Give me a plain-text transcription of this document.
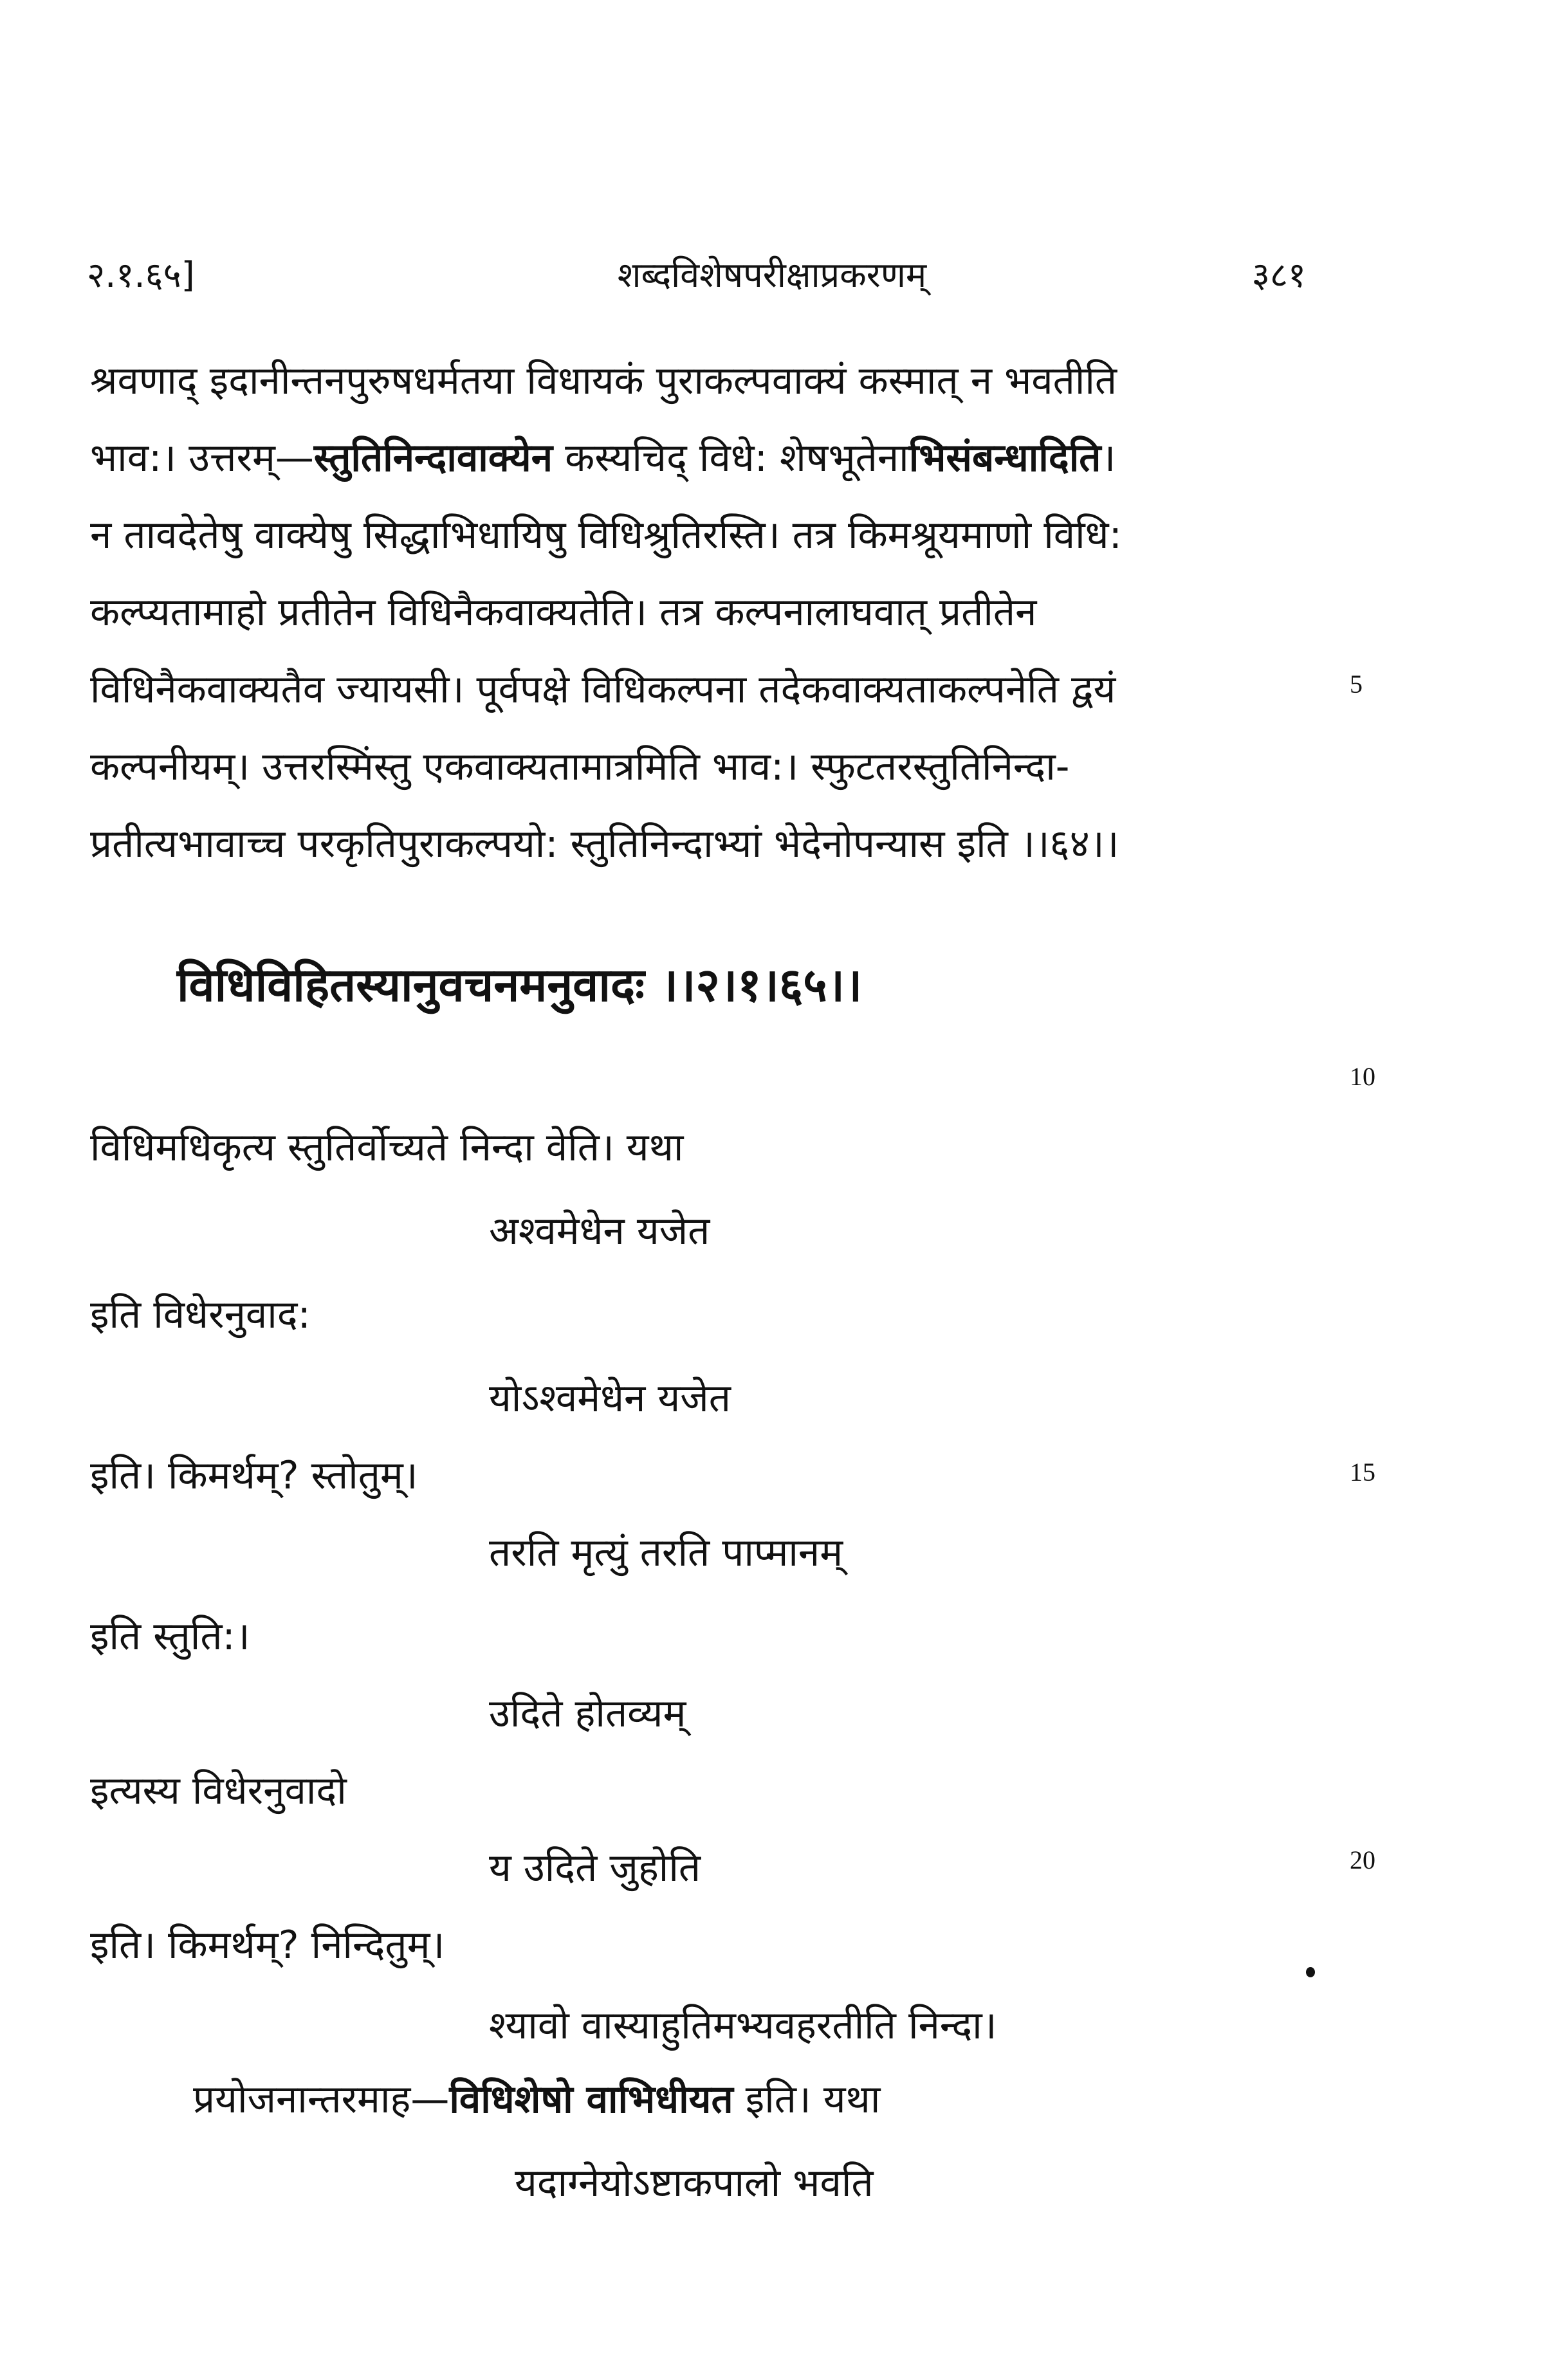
२.१.६५]	शब्दविशेषपरीक्षाप्रकरणम्	३८१
श्रवणाद् इदानीन्तनपुरुषधर्मतया विधायकं पुराकल्पवाक्यं कस्मात् न भवतीति
भाव:। उत्तरम्—स्तुतिनिन्दावाक्येन कस्यचिद् विधे: शेषभूतेनाभिसंबन्धादिति।
न तावदेतेषु वाक्येषु सिद्धाभिधायिषु विधिश्रुतिरस्ति। तत्र किमश्रूयमाणो विधि:
कल्प्यतामाहो प्रतीतेन विधिनैकवाक्यतेति। तत्र कल्पनालाघवात् प्रतीतेन
विधिनैकवाक्यतैव ज्यायसी। पूर्वपक्षे विधिकल्पना तदेकवाक्यताकल्पनेति द्वयं
कल्पनीयम्। उत्तरस्मिंस्तु एकवाक्यतामात्रमिति भाव:। स्फुटतरस्तुतिनिन्दा-
प्रतीत्यभावाच्च परकृतिपुराकल्पयो: स्तुतिनिन्दाभ्यां भेदेनोपन्यास इति ।।६४।।
विधिविहितस्यानुवचनमनुवादः ।।२।१।६५।।
विधिमधिकृत्य स्तुतिर्वोच्यते निन्दा वेति। यथा
अश्वमेधेन यजेत
इति विधेरनुवाद:
योऽश्वमेधेन यजेत
इति। किमर्थम्? स्तोतुम्।
तरति मृत्युं तरति पाप्मानम्
इति स्तुति:।
उदिते होतव्यम्
इत्यस्य विधेरनुवादो
य उदिते जुहोति
इति। किमर्थम्? निन्दितुम्।
श्यावो वास्याहुतिमभ्यवहरतीति निन्दा।
प्रयोजनान्तरमाह—विधिशेषो वाभिधीयत इति। यथा
यदाग्नेयोऽष्टाकपालो भवति
5
10
15
20
